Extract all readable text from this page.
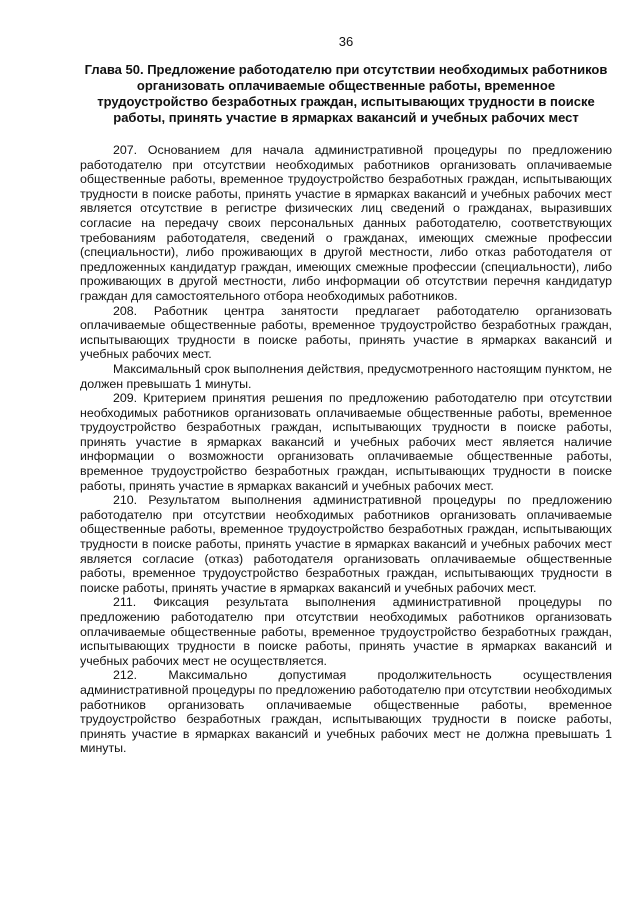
36
Глава 50. Предложение работодателю при отсутствии необходимых работников организовать оплачиваемые общественные работы, временное трудоустройство безработных граждан, испытывающих трудности в поиске работы, принять участие в ярмарках вакансий и учебных рабочих мест

207. Основанием для начала административной процедуры по предложению работодателю при отсутствии необходимых работников организовать оплачиваемые общественные работы, временное трудоустройство безработных граждан, испытывающих трудности в поиске работы, принять участие в ярмарках вакансий и учебных рабочих мест является отсутствие в регистре физических лиц сведений о гражданах, выразивших согласие на передачу своих персональных данных работодателю, соответствующих требованиям работодателя, сведений о гражданах, имеющих смежные профессии (специальности), либо проживающих в другой местности, либо отказ работодателя от предложенных кандидатур граждан, имеющих смежные профессии (специальности), либо проживающих в другой местности, либо информации об отсутствии перечня кандидатур граждан для самостоятельного отбора необходимых работников.

208. Работник центра занятости предлагает работодателю организовать оплачиваемые общественные работы, временное трудоустройство безработных граждан, испытывающих трудности в поиске работы, принять участие в ярмарках вакансий и учебных рабочих мест.

Максимальный срок выполнения действия, предусмотренного настоящим пунктом, не должен превышать 1 минуты.

209. Критерием принятия решения по предложению работодателю при отсутствии необходимых работников организовать оплачиваемые общественные работы, временное трудоустройство безработных граждан, испытывающих трудности в поиске работы, принять участие в ярмарках вакансий и учебных рабочих мест является наличие информации о возможности организовать оплачиваемые общественные работы, временное трудоустройство безработных граждан, испытывающих трудности в поиске работы, принять участие в ярмарках вакансий и учебных рабочих мест.

210. Результатом выполнения административной процедуры по предложению работодателю при отсутствии необходимых работников организовать оплачиваемые общественные работы, временное трудоустройство безработных граждан, испытывающих трудности в поиске работы, принять участие в ярмарках вакансий и учебных рабочих мест является согласие (отказ) работодателя организовать оплачиваемые общественные работы, временное трудоустройство безработных граждан, испытывающих трудности в поиске работы, принять участие в ярмарках вакансий и учебных рабочих мест.

211. Фиксация результата выполнения административной процедуры по предложению работодателю при отсутствии необходимых работников организовать оплачиваемые общественные работы, временное трудоустройство безработных граждан, испытывающих трудности в поиске работы, принять участие в ярмарках вакансий и учебных рабочих мест не осуществляется.

212. Максимально допустимая продолжительность осуществления административной процедуры по предложению работодателю при отсутствии необходимых работников организовать оплачиваемые общественные работы, временное трудоустройство безработных граждан, испытывающих трудности в поиске работы, принять участие в ярмарках вакансий и учебных рабочих мест не должна превышать 1 минуты.
